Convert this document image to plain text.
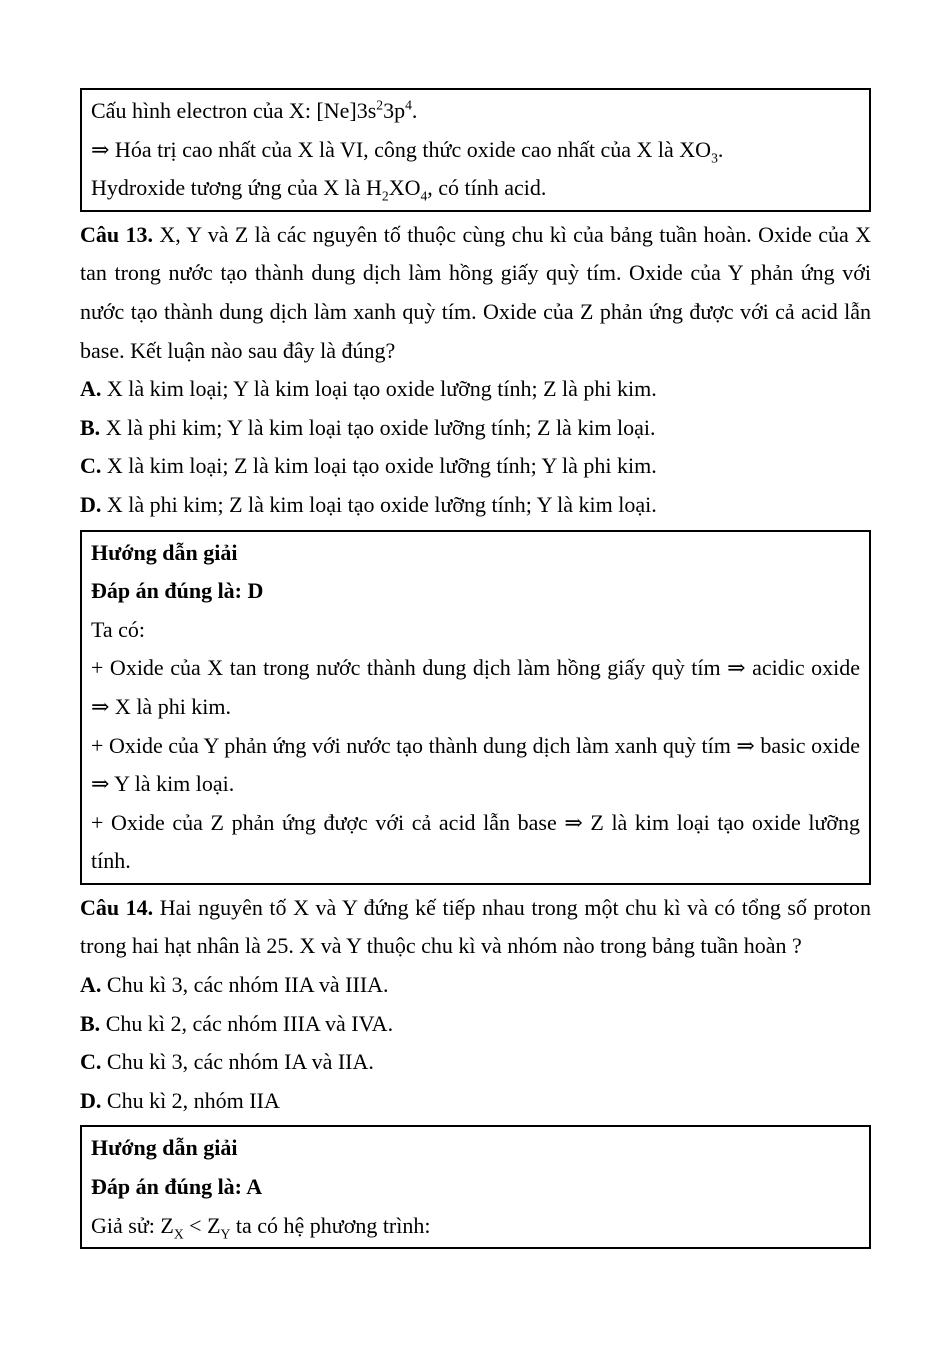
Cấu hình electron của X: $[Ne]3s^23p^4$.

⇒ Hóa trị cao nhất của X là VI, công thức oxide cao nhất của X là $XO_3$.

Hydroxide tương ứng của X là $H_2XO_4$, có tính acid.

Câu 13. X, Y và Z là các nguyên tố thuộc cùng chu kì của bảng tuần hoàn. Oxide của X tan trong nước tạo thành dung dịch làm hồng giấy quỳ tím. Oxide của Y phản ứng với nước tạo thành dung dịch làm xanh quỳ tím. Oxide của Z phản ứng được với cả acid lẫn base. Kết luận nào sau đây là đúng?

A. X là kim loại; Y là kim loại tạo oxide lưỡng tính; Z là phi kim.

B. X là phi kim; Y là kim loại tạo oxide lưỡng tính; Z là kim loại.

C. X là kim loại; Z là kim loại tạo oxide lưỡng tính; Y là phi kim.

D. X là phi kim; Z là kim loại tạo oxide lưỡng tính; Y là kim loại.

Hướng dẫn giải

Đáp án đúng là: D

Ta có:

+ Oxide của X tan trong nước thành dung dịch làm hồng giấy quỳ tím ⇒ acidic oxide ⇒ X là phi kim.

+ Oxide của Y phản ứng với nước tạo thành dung dịch làm xanh quỳ tím ⇒ basic oxide ⇒ Y là kim loại.

+ Oxide của Z phản ứng được với cả acid lẫn base ⇒ Z là kim loại tạo oxide lưỡng tính.

Câu 14. Hai nguyên tố X và Y đứng kế tiếp nhau trong một chu kì và có tổng số proton trong hai hạt nhân là 25. X và Y thuộc chu kì và nhóm nào trong bảng tuần hoàn ?

A. Chu kì 3, các nhóm IIA và IIIA.

B. Chu kì 2, các nhóm IIIA và IVA.

C. Chu kì 3, các nhóm IA và IIA.

D. Chu kì 2, nhóm IIA

Hướng dẫn giải

Đáp án đúng là: A

Giả sử: $Z_X < Z_Y$ ta có hệ phương trình:
